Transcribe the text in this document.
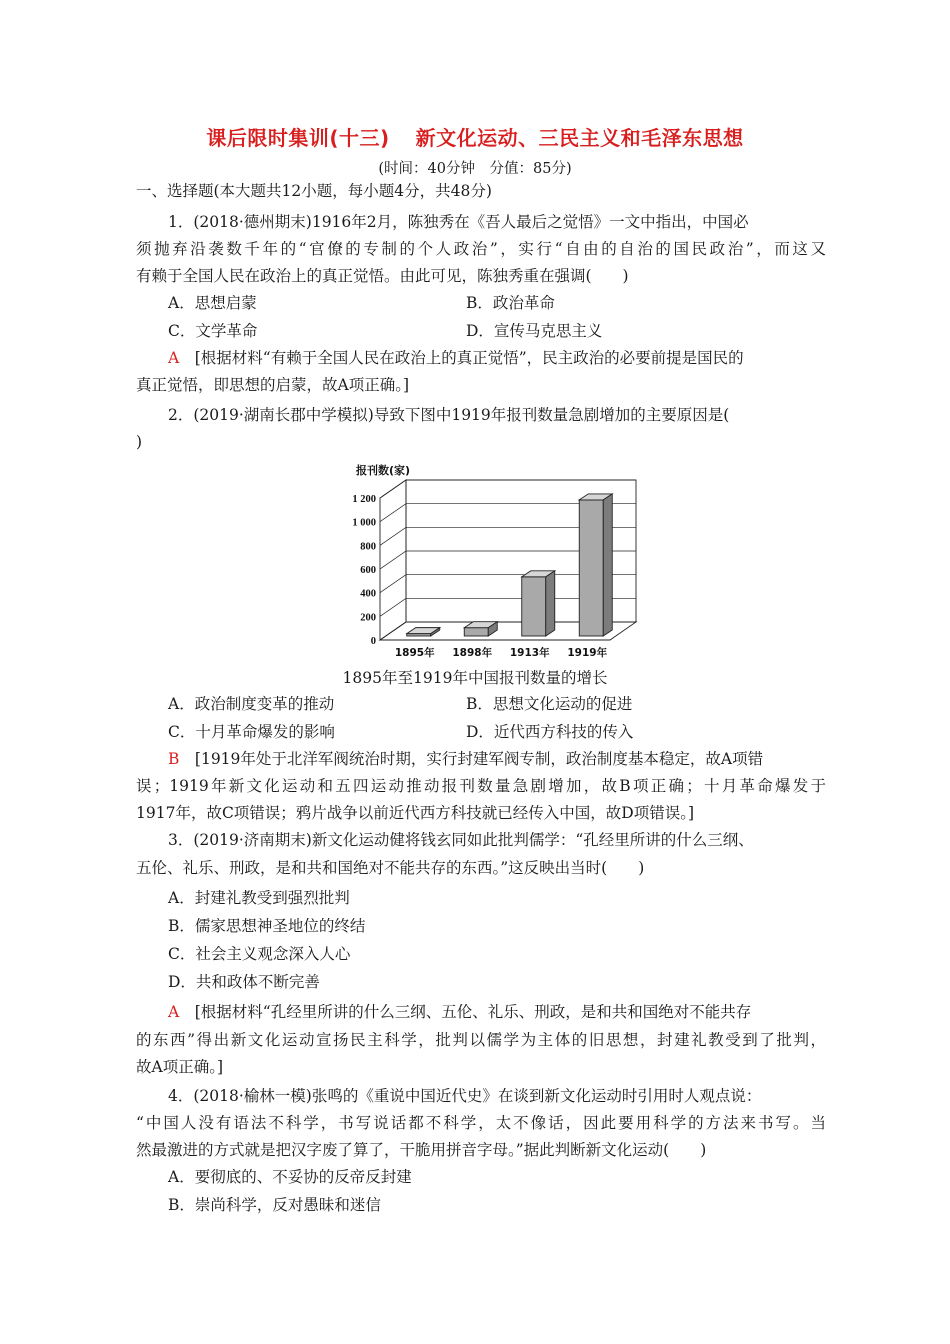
课后限时集训(十三) 新文化运动、三民主义和毛泽东思想
(时间：40分钟　分值：85分)
一、选择题(本大题共12小题，每小题4分，共48分)
1．(2018·德州期末)1916年2月，陈独秀在《吾人最后之觉悟》一文中指出，中国必
须抛弃沿袭数千年的“官僚的专制的个人政治”，实行“自由的自治的国民政治”，而这又
有赖于全国人民在政治上的真正觉悟。由此可见，陈独秀重在强调(　　)
A．思想启蒙	B．政治革命
C．文学革命	D．宣传马克思主义
A　 [根据材料“有赖于全国人民在政治上的真正觉悟”，民主政治的必要前提是国民的
真正觉悟，即思想的启蒙，故A项正确。]
2．(2019·湖南长郡中学模拟)导致下图中1919年报刊数量急剧增加的主要原因是(
)
0
200
400
600
800
1 000
1 200
报刊数(家)
1895年 1898年 1913年 1919年
1895年至1919年中国报刊数量的增长
A．政治制度变革的推动	B．思想文化运动的促进
C．十月革命爆发的影响	D．近代西方科技的传入
B　 [1919年处于北洋军阀统治时期，实行封建军阀专制，政治制度基本稳定，故A项错
误；1919年新文化运动和五四运动推动报刊数量急剧增加，故B项正确；十月革命爆发于
1917年，故C项错误；鸦片战争以前近代西方科技就已经传入中国，故D项错误。]
3．(2019·济南期末)新文化运动健将钱玄同如此批判儒学：“孔经里所讲的什么三纲、
五伦、礼乐、刑政，是和共和国绝对不能共存的东西。”这反映出当时(　　)
A．封建礼教受到强烈批判
B．儒家思想神圣地位的终结
C．社会主义观念深入人心
D．共和政体不断完善
A　 [根据材料“孔经里所讲的什么三纲、五伦、礼乐、刑政，是和共和国绝对不能共存
的东西”得出新文化运动宣扬民主科学，批判以儒学为主体的旧思想，封建礼教受到了批判，
故A项正确。]
4．(2018·榆林一模)张鸣的《重说中国近代史》在谈到新文化运动时引用时人观点说：
“中国人没有语法不科学，书写说话都不科学，太不像话，因此要用科学的方法来书写。当
然最激进的方式就是把汉字废了算了，干脆用拼音字母。”据此判断新文化运动(　　)
A．要彻底的、不妥协的反帝反封建
B．崇尚科学，反对愚昧和迷信
